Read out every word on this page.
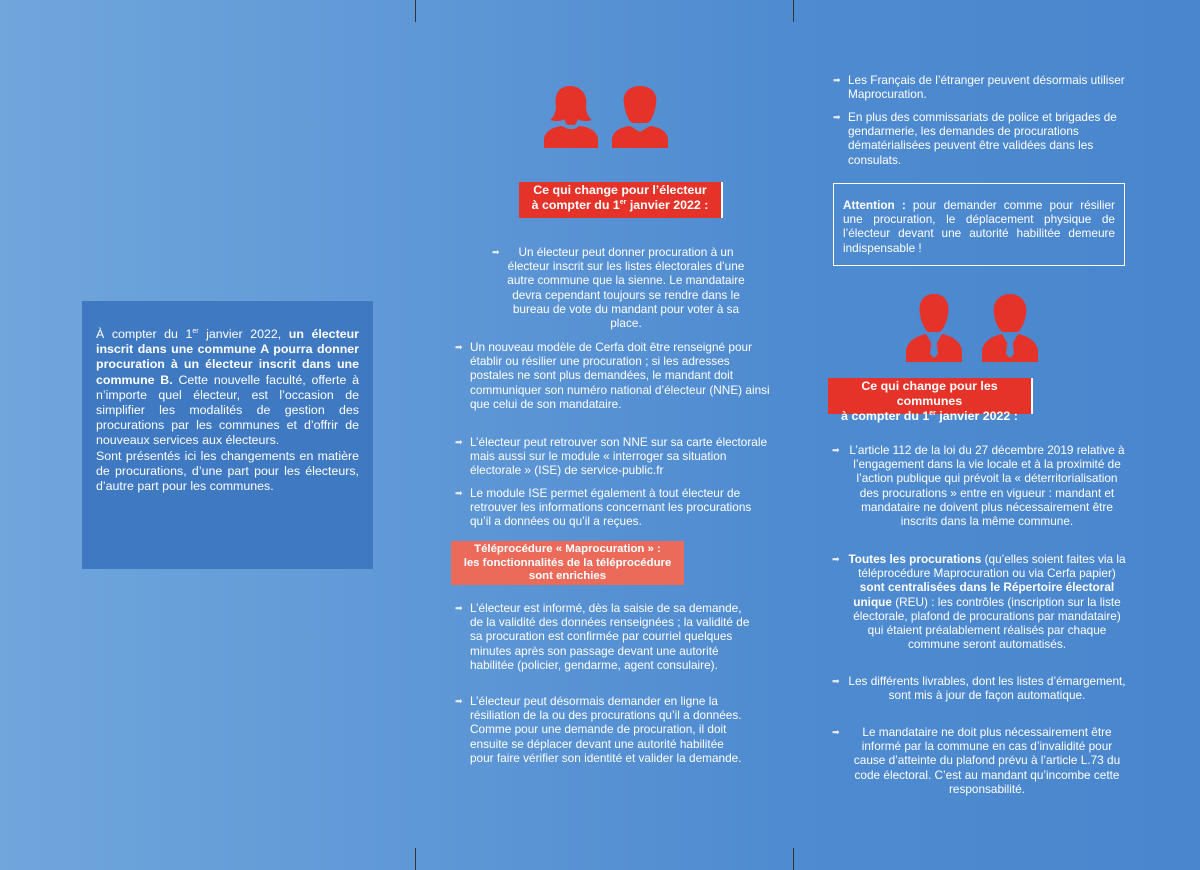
À compter du 1er janvier 2022, un électeur inscrit dans une commune A pourra donner procuration à un électeur inscrit dans une commune B. Cette nouvelle faculté, offerte à n’importe quel électeur, est l’occasion de simplifier les modalités de gestion des procurations par les communes et d’offrir de nouveaux services aux électeurs.

Sont présentés ici les changements en matière de procurations, d’une part pour les électeurs, d’autre part pour les communes.

Ce qui change pour l’électeur
à compter du 1er janvier 2022 :
➡ Un électeur peut donner procuration à un électeur inscrit sur les listes électorales d’une autre commune que la sienne. Le mandataire devra cependant toujours se rendre dans le bureau de vote du mandant pour voter à sa place.
➡ Un nouveau modèle de Cerfa doit être renseigné pour établir ou résilier une procuration ; si les adresses postales ne sont plus demandées, le mandant doit communiquer son numéro national d’électeur (NNE) ainsi que celui de son mandataire.
➡ L’électeur peut retrouver son NNE sur sa carte électorale mais aussi sur le module « interroger sa situation électorale » (ISE) de service-public.fr
➡ Le module ISE permet également à tout électeur de retrouver les informations concernant les procurations qu’il a données ou qu’il a reçues.
Téléprocédure « Maprocuration » :
les fonctionnalités de la téléprocédure
sont enrichies
➡ L’électeur est informé, dès la saisie de sa demande, de la validité des données renseignées ; la validité de sa procuration est confirmée par courriel quelques minutes après son passage devant une autorité habilitée (policier, gendarme, agent consulaire).
➡ L’électeur peut désormais demander en ligne la résiliation de la ou des procurations qu’il a données. Comme pour une demande de procuration, il doit ensuite se déplacer devant une autorité habilitée pour faire vérifier son identité et valider la demande.
➡ Les Français de l’étranger peuvent désormais utiliser Maprocuration.
➡ En plus des commissariats de police et brigades de gendarmerie, les demandes de procurations dématérialisées peuvent être validées dans les consulats.
Attention : pour demander comme pour résilier une procuration, le déplacement physique de l’électeur devant une autorité habilitée demeure indispensable !
Ce qui change pour les communes
à compter du 1er janvier 2022 :
➡ L’article 112 de la loi du 27 décembre 2019 relative à l’engagement dans la vie locale et à la proximité de l’action publique qui prévoit la « déterritorialisation des procurations » entre en vigueur : mandant et mandataire ne doivent plus nécessairement être inscrits dans la même commune.
➡ Toutes les procurations (qu’elles soient faites via la téléprocédure Maprocuration ou via Cerfa papier) sont centralisées dans le Répertoire électoral unique (REU) : les contrôles (inscription sur la liste électorale, plafond de procurations par mandataire) qui étaient préalablement réalisés par chaque commune seront automatisés.
➡ Les différents livrables, dont les listes d’émargement, sont mis à jour de façon automatique.
➡ Le mandataire ne doit plus nécessairement être informé par la commune en cas d’invalidité pour cause d’atteinte du plafond prévu à l’article L.73 du code électoral. C’est au mandant qu’incombe cette responsabilité.
